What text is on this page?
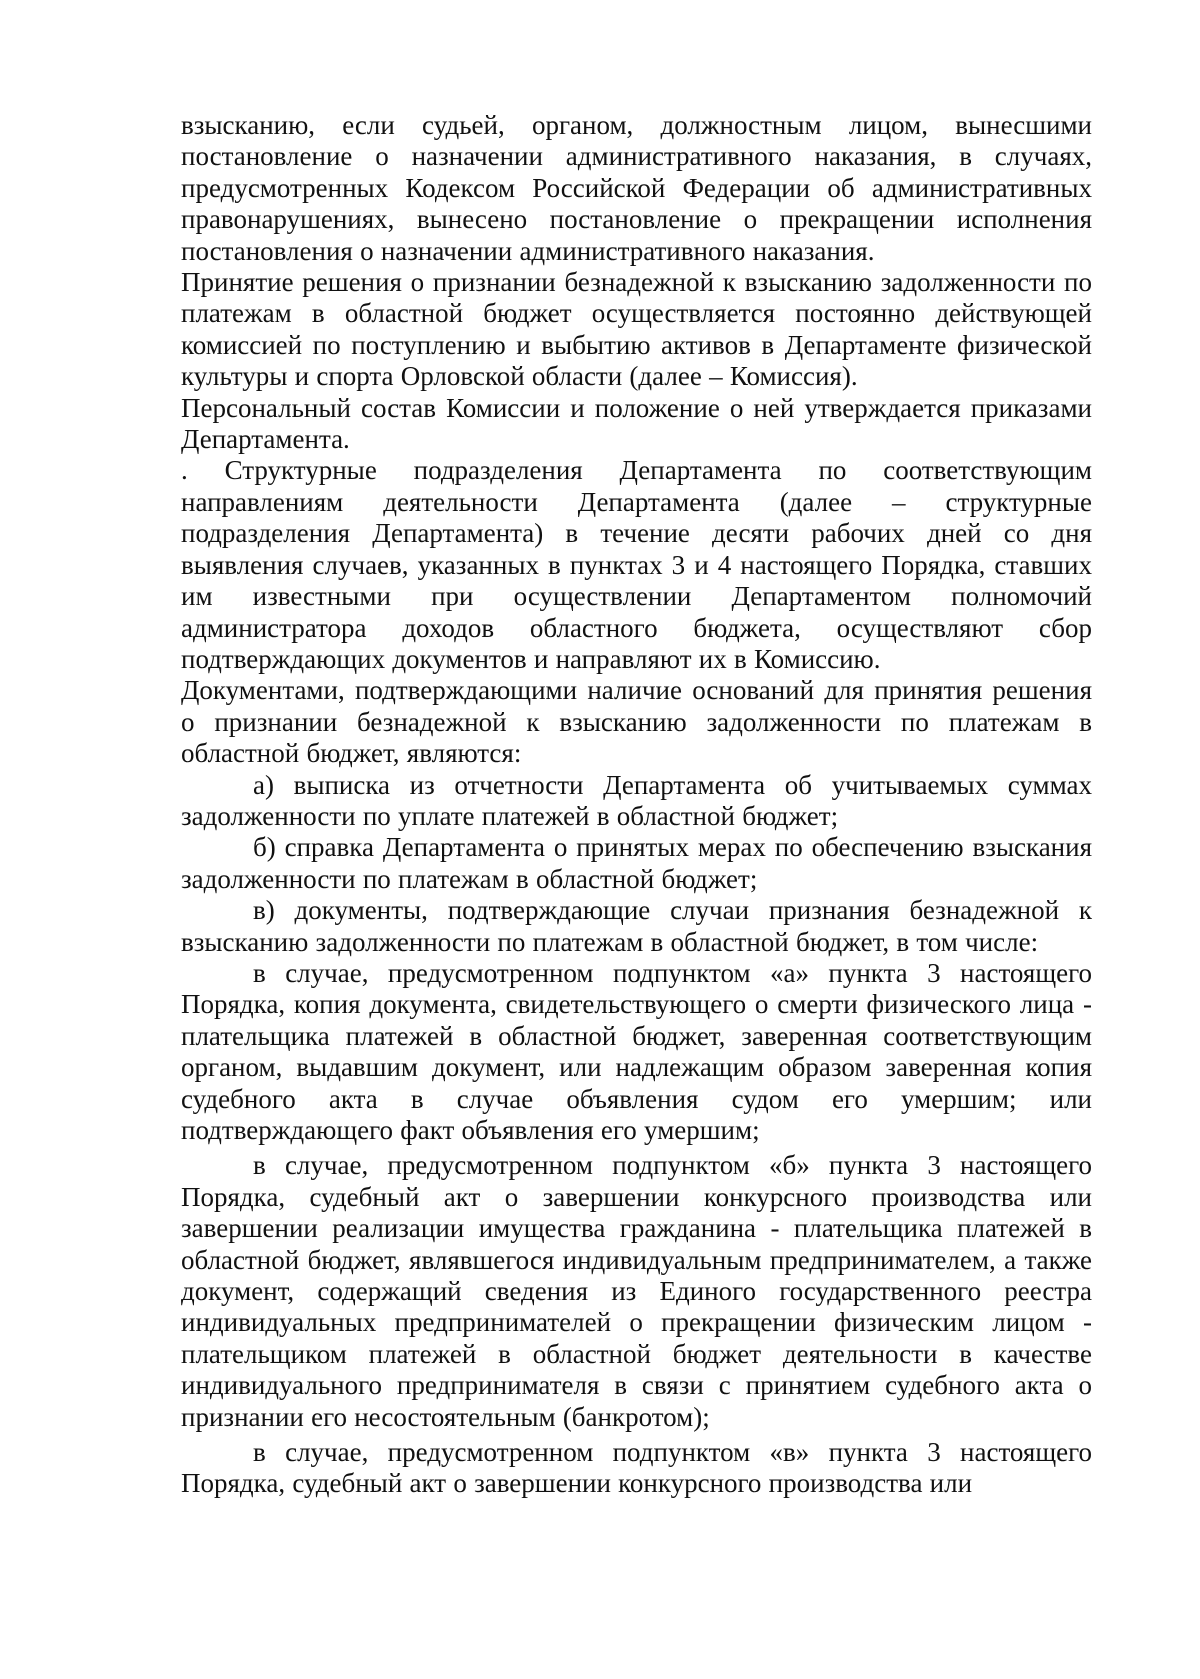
взысканию, если судьей, органом, должностным лицом, вынесшими постановление о назначении административного наказания, в случаях, предусмотренных Кодексом Российской Федерации об административных правонарушениях, вынесено постановление о прекращении исполнения постановления о назначении административного наказания.

Принятие решения о признании безнадежной к взысканию задолженности по платежам в областной бюджет осуществляется постоянно действующей комиссией по поступлению и выбытию активов в Департаменте физической культуры и спорта Орловской области (далее – Комиссия).

Персональный состав Комиссии и положение о ней утверждается приказами Департамента.

. Структурные подразделения Департамента по соответствующим направлениям деятельности Департамента (далее – структурные подразделения Департамента) в течение десяти рабочих дней со дня выявления случаев, указанных в пунктах 3 и 4 настоящего Порядка, ставших им известными при осуществлении Департаментом полномочий администратора доходов областного бюджета, осуществляют сбор подтверждающих документов и направляют их в Комиссию.

Документами, подтверждающими наличие оснований для принятия решения о признании безнадежной к взысканию задолженности по платежам в областной бюджет, являются:

а) выписка из отчетности Департамента об учитываемых суммах задолженности по уплате платежей в областной бюджет;

б) справка Департамента о принятых мерах по обеспечению взыскания задолженности по платежам в областной бюджет;

в) документы, подтверждающие случаи признания безнадежной к взысканию задолженности по платежам в областной бюджет, в том числе:

в случае, предусмотренном подпунктом «а» пункта 3 настоящего Порядка, копия документа, свидетельствующего о смерти физического лица - плательщика платежей в областной бюджет, заверенная соответствующим органом, выдавшим документ, или надлежащим образом заверенная копия судебного акта в случае объявления судом его умершим; или подтверждающего факт объявления его умершим;

в случае, предусмотренном подпунктом «б» пункта 3 настоящего Порядка, судебный акт о завершении конкурсного производства или завершении реализации имущества гражданина - плательщика платежей в областной бюджет, являвшегося индивидуальным предпринимателем, а также документ, содержащий сведения из Единого государственного реестра индивидуальных предпринимателей о прекращении физическим лицом - плательщиком платежей в областной бюджет деятельности в качестве индивидуального предпринимателя в связи с принятием судебного акта о признании его несостоятельным (банкротом);

в случае, предусмотренном подпунктом «в» пункта 3 настоящего Порядка, судебный акт о завершении конкурсного производства или
